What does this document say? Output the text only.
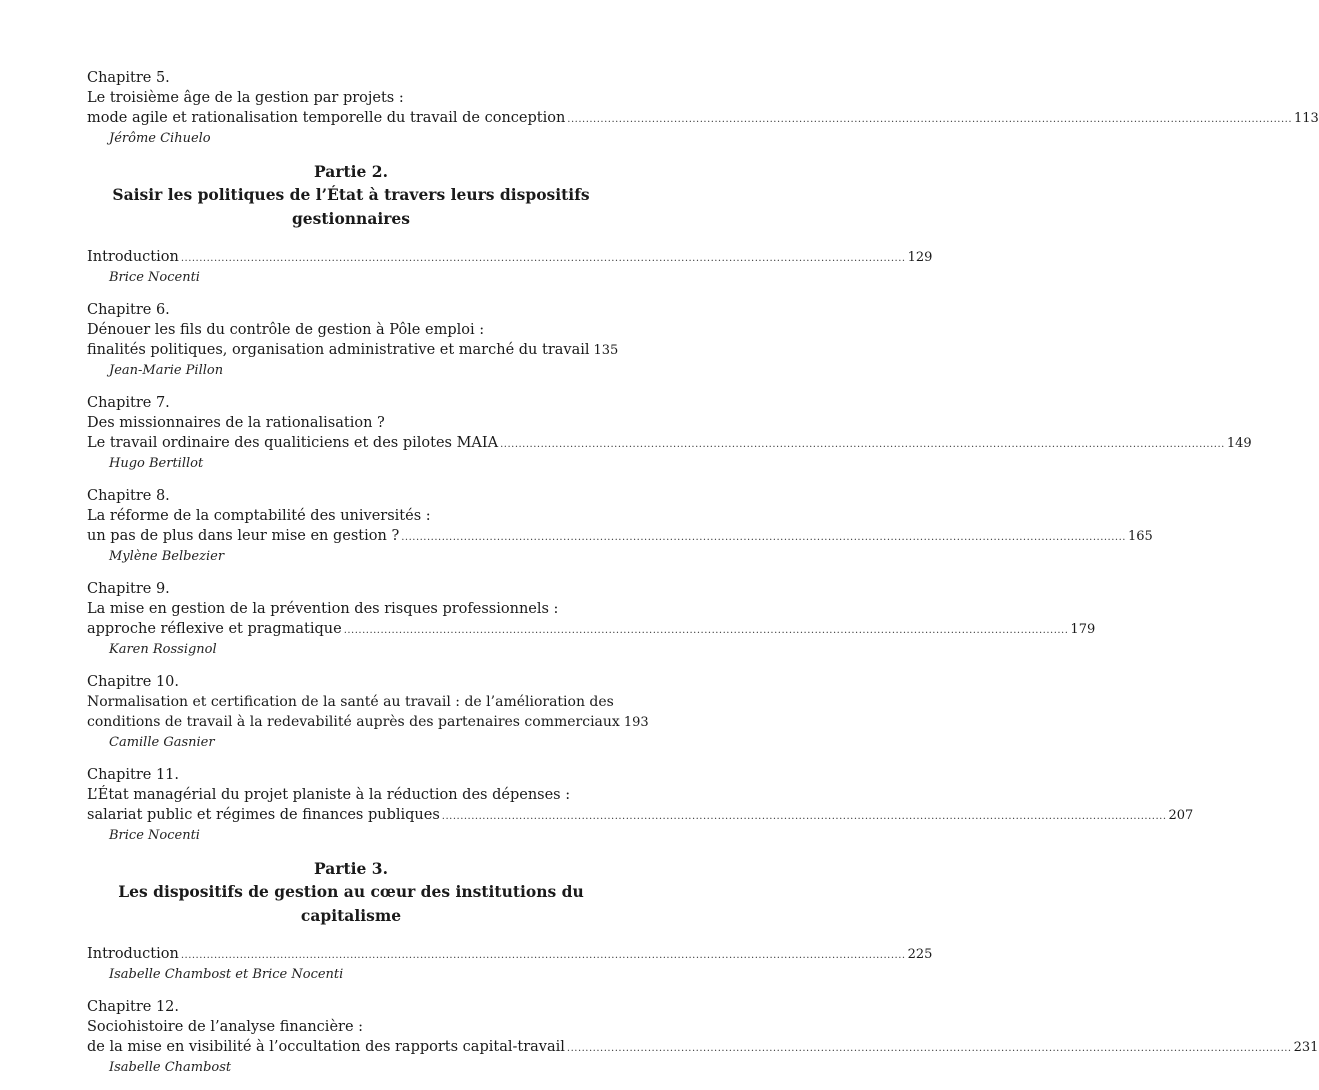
Chapitre 5.
Le troisième âge de la gestion par projets :
mode agile et rationalisation temporelle du travail de conception ..................................................................................................................................................................................................... 113
Jérôme Cihuelo
Partie 2.
Saisir les politiques de l’État à travers leurs dispositifs gestionnaires
Introduction ..................................................................................................................................................................................................... 129
Brice Nocenti
Chapitre 6.
Dénouer les fils du contrôle de gestion à Pôle emploi :
finalités politiques, organisation administrative et marché du travail 135
Jean-Marie Pillon
Chapitre 7.
Des missionnaires de la rationalisation ?
Le travail ordinaire des qualiticiens et des pilotes MAIA ..................................................................................................................................................................................................... 149
Hugo Bertillot
Chapitre 8.
La réforme de la comptabilité des universités :
un pas de plus dans leur mise en gestion ? ..................................................................................................................................................................................................... 165
Mylène Belbezier
Chapitre 9.
La mise en gestion de la prévention des risques professionnels :
approche réflexive et pragmatique ..................................................................................................................................................................................................... 179
Karen Rossignol
Chapitre 10.
Normalisation et certification de la santé au travail : de l’amélioration des
conditions de travail à la redevabilité auprès des partenaires commerciaux 193
Camille Gasnier
Chapitre 11.
L’État managérial du projet planiste à la réduction des dépenses :
salariat public et régimes de finances publiques ..................................................................................................................................................................................................... 207
Brice Nocenti
Partie 3.
Les dispositifs de gestion au cœur des institutions du capitalisme
Introduction ..................................................................................................................................................................................................... 225
Isabelle Chambost et Brice Nocenti
Chapitre 12.
Sociohistoire de l’analyse financière :
de la mise en visibilité à l’occultation des rapports capital-travail ..................................................................................................................................................................................................... 231
Isabelle Chambost
